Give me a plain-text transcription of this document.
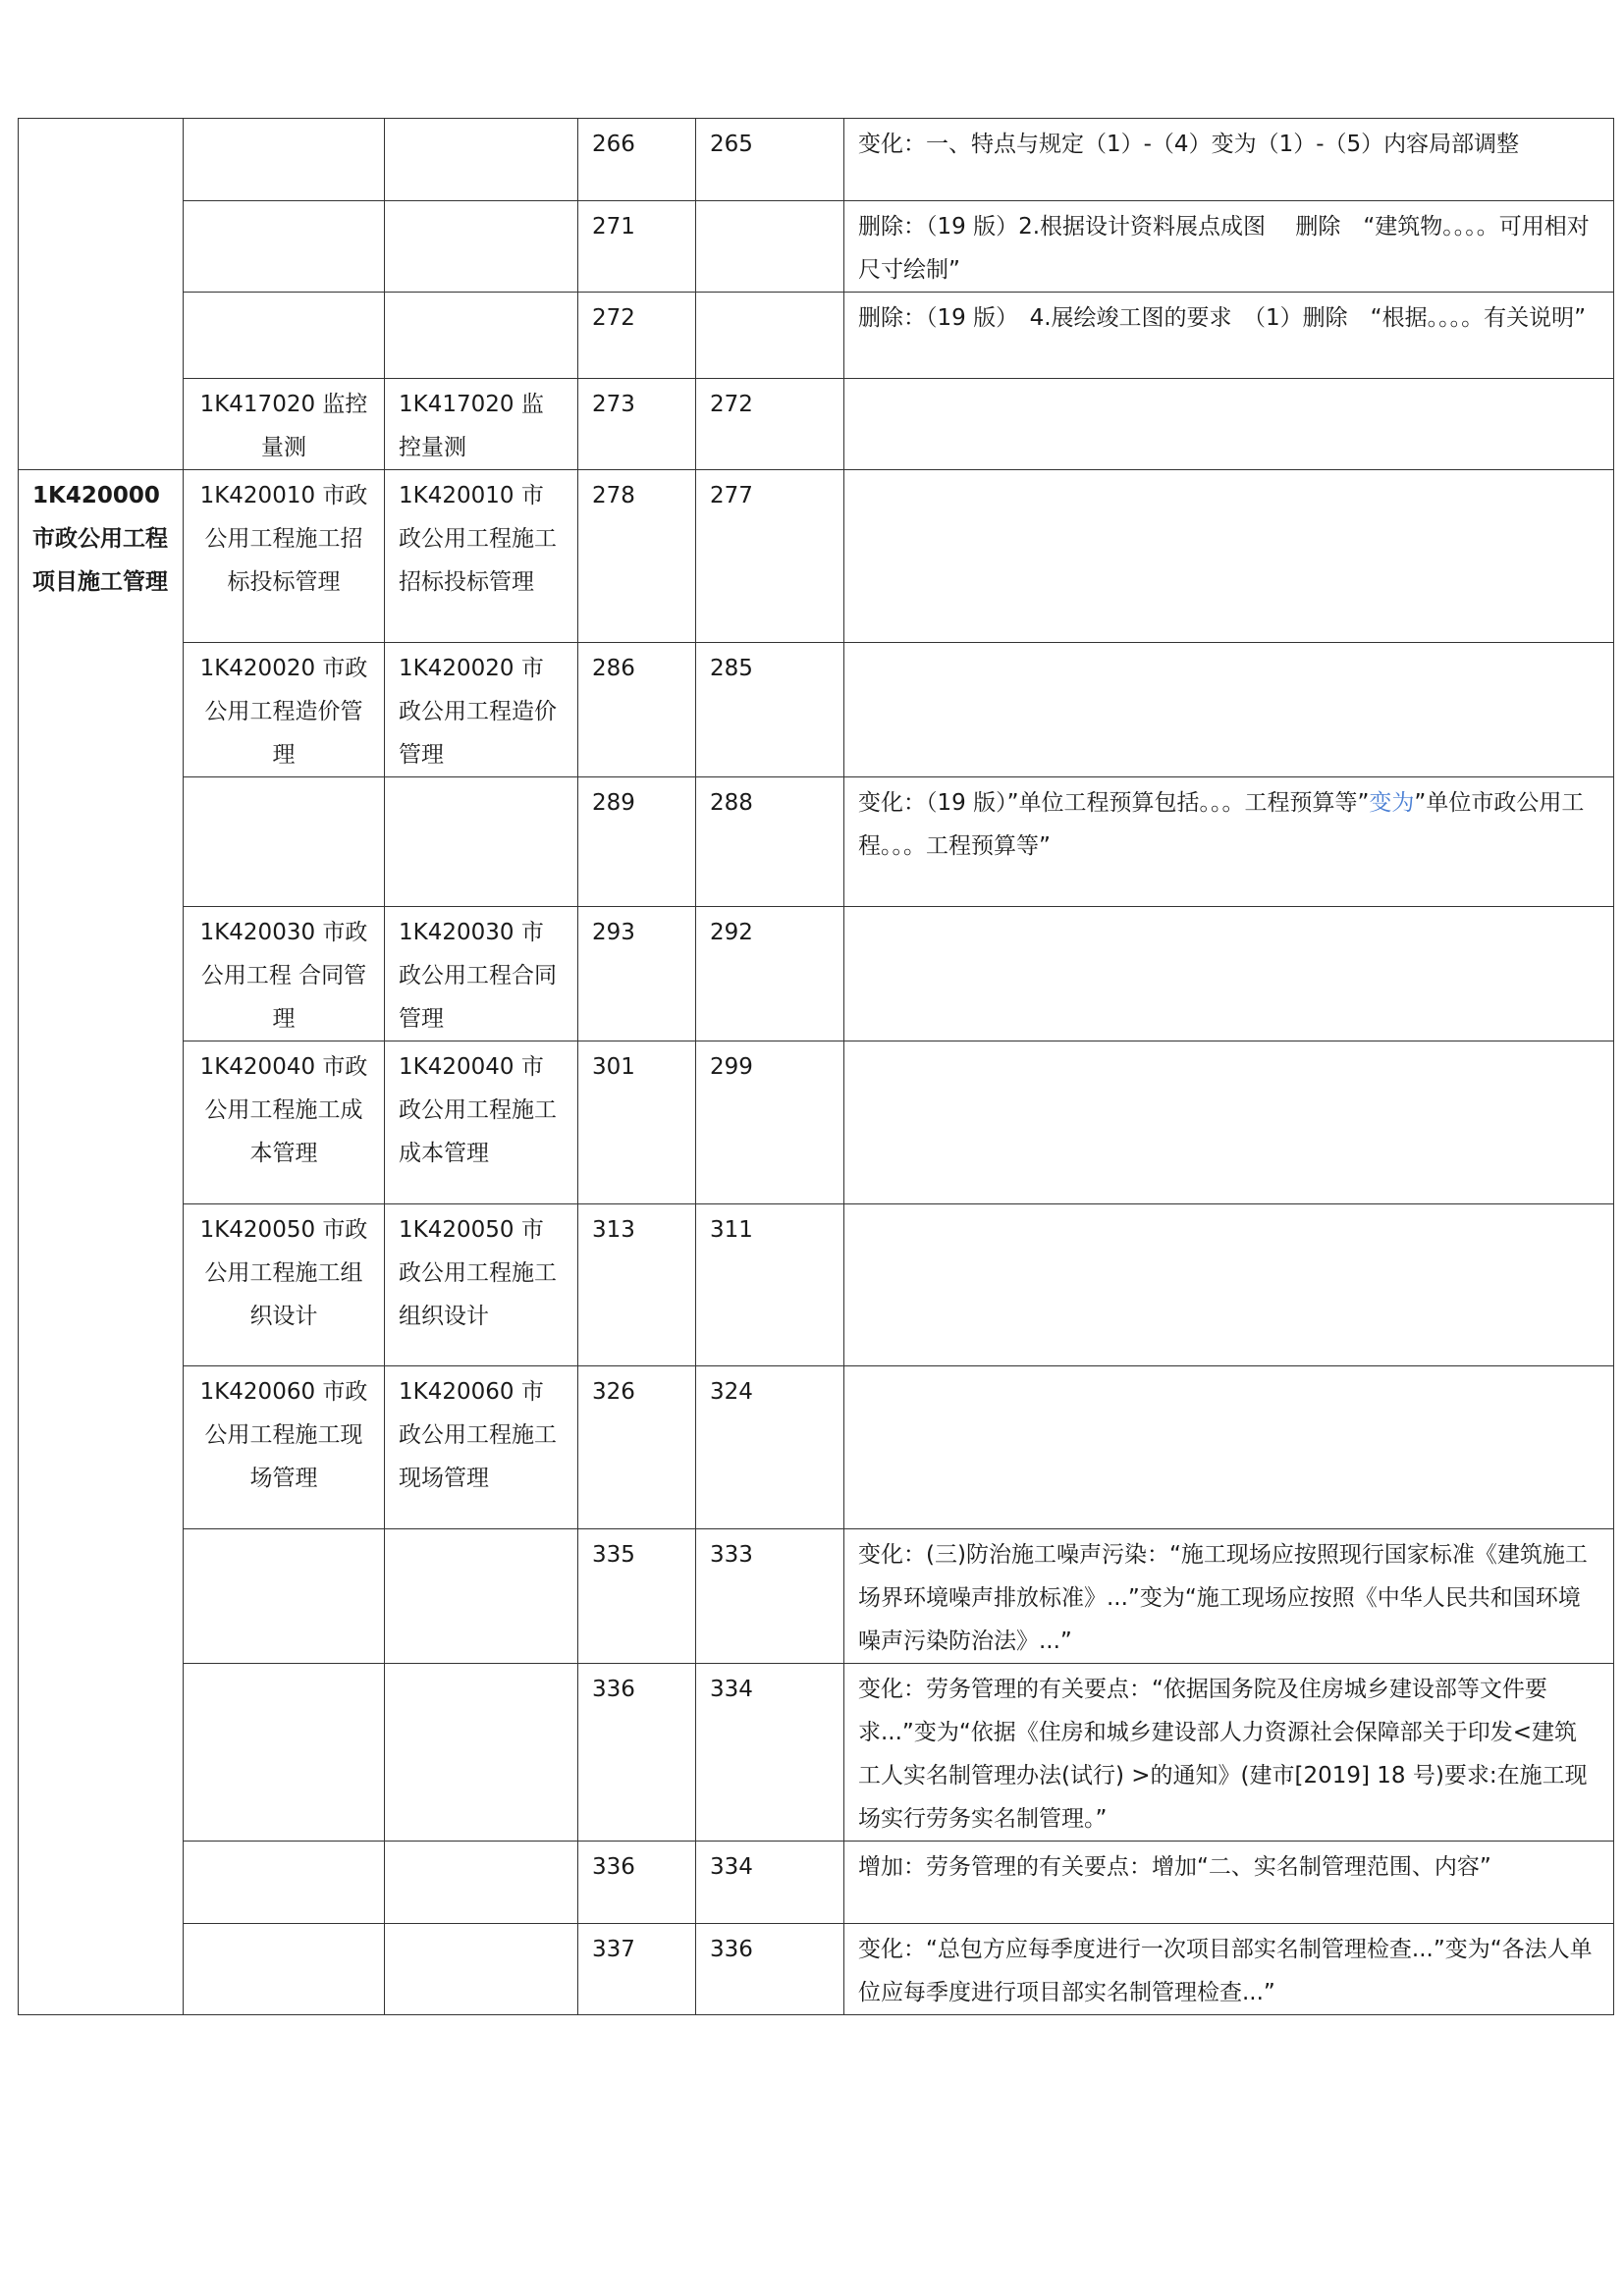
			266	265	变化：一、特点与规定（1）-（4）变为（1）-（5）内容局部调整
			271		删除：（19 版）2.根据设计资料展点成图　 删除　“建筑物。。。。可用相对尺寸绘制”
			272		删除：（19 版）　4.展绘竣工图的要求　（1）删除　“根据。。。。有关说明”
	1K417020 监控量测	1K417020 监控量测	273	272	
1K420000 市政公用工程项目施工管理	1K420010 市政公用工程施工招标投标管理	1K420010 市政公用工程施工招标投标管理	278	277	
	1K420020 市政公用工程造价管理	1K420020 市政公用工程造价管理	286	285	
			289	288	变化：（19 版）”单位工程预算包括。。。工程预算等”变为”单位市政公用工程。。。工程预算等”
	1K420030 市政公用工程 合同管理	1K420030 市政公用工程合同管理	293	292	
	1K420040 市政公用工程施工成本管理	1K420040 市政公用工程施工成本管理	301	299	
	1K420050 市政公用工程施工组织设计	1K420050 市政公用工程施工组织设计	313	311	
	1K420060 市政公用工程施工现场管理	1K420060 市政公用工程施工现场管理	326	324	
			335	333	变化：(三)防治施工噪声污染：“施工现场应按照现行国家标准《建筑施工场界环境噪声排放标准》...”变为“施工现场应按照《中华人民共和国环境噪声污染防治法》...”
			336	334	变化：劳务管理的有关要点：“依据国务院及住房城乡建设部等文件要求...”变为“依据《住房和城乡建设部人力资源社会保障部关于印发<建筑工人实名制管理办法(试行) >的通知》(建市[2019] 18 号)要求:在施工现场实行劳务实名制管理。”
			336	334	增加：劳务管理的有关要点：增加“二、实名制管理范围、内容”
			337	336	变化：“总包方应每季度进行一次项目部实名制管理检查...”变为“各法人单位应每季度进行项目部实名制管理检查...”
